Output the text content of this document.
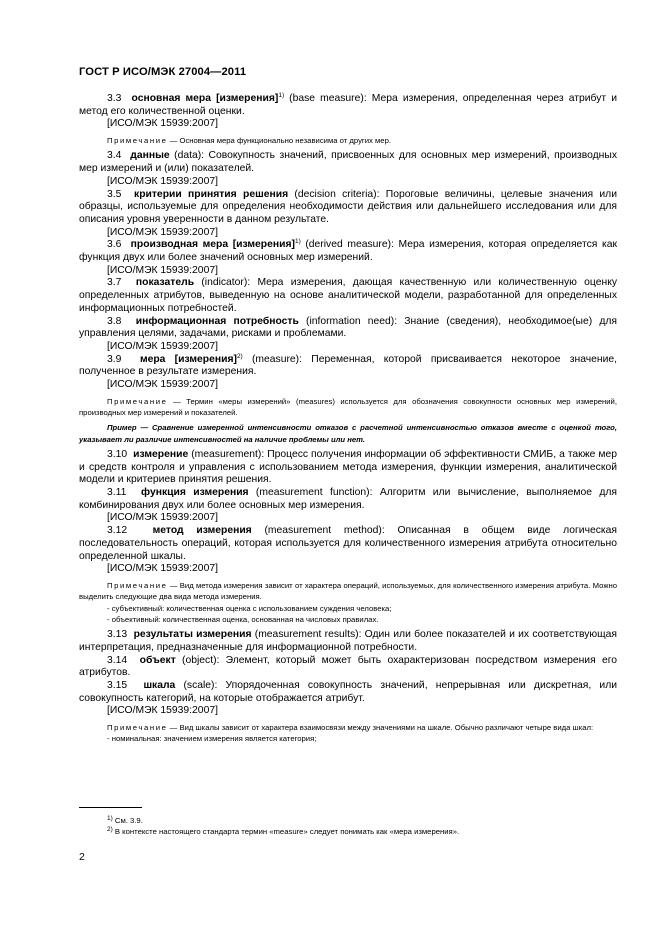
ГОСТ Р ИСО/МЭК 27004—2011

3.3 основная мера [измерения]$^{1)}$ (base measure): Мера измерения, определенная через атрибут и метод его количественной оценки.

[ИСО/МЭК 15939:2007]

Примечание — Основная мера функционально независима от других мер.

3.4 данные (data): Совокупность значений, присвоенных для основных мер измерений, производных мер измерений и (или) показателей.

[ИСО/МЭК 15939:2007]

3.5 критерии принятия решения (decision criteria): Пороговые величины, целевые значения или образцы, используемые для определения необходимости действия или дальнейшего исследования или для описания уровня уверенности в данном результате.

[ИСО/МЭК 15939:2007]

3.6 производная мера [измерения]$^{1)}$ (derived measure): Мера измерения, которая определяется как функция двух или более значений основных мер измерений.

[ИСО/МЭК 15939:2007]

3.7 показатель (indicator): Мера измерения, дающая качественную или количественную оценку определенных атрибутов, выведенную на основе аналитической модели, разработанной для определенных информационных потребностей.

3.8 информационная потребность (information need): Знание (сведения), необходимое(ые) для управления целями, задачами, рисками и проблемами.

[ИСО/МЭК 15939:2007]

3.9 мера [измерения]$^{2)}$ (measure): Переменная, которой присваивается некоторое значение, полученное в результате измерения.

[ИСО/МЭК 15939:2007]

Примечание — Термин «меры измерений» (measures) используется для обозначения совокупности основных мер измерений, производных мер измерений и показателей.

Пример — Сравнение измеренной интенсивности отказов с расчетной интенсивностью отказов вместе с оценкой того, указывает ли различие интенсивностей на наличие проблемы или нет.

3.10 измерение (measurement): Процесс получения информации об эффективности СМИБ, а также мер и средств контроля и управления с использованием метода измерения, функции измерения, аналитической модели и критериев принятия решения.

3.11 функция измерения (measurement function): Алгоритм или вычисление, выполняемое для комбинирования двух или более основных мер измерения.

[ИСО/МЭК 15939:2007]

3.12 метод измерения (measurement method): Описанная в общем виде логическая последовательность операций, которая используется для количественного измерения атрибута относительно определенной шкалы.

[ИСО/МЭК 15939:2007]

Примечание — Вид метода измерения зависит от характера операций, используемых, для количественного измерения атрибута. Можно выделить следующие два вида метода измерения.

- субъективный: количественная оценка с использованием суждения человека;

- объективный: количественная оценка, основанная на числовых правилах.

3.13 результаты измерения (measurement results): Один или более показателей и их соответствующая интерпретация, предназначенные для информационной потребности.

3.14 объект (object): Элемент, который может быть охарактеризован посредством измерения его атрибутов.

3.15 шкала (scale): Упорядоченная совокупность значений, непрерывная или дискретная, или совокупность категорий, на которые отображается атрибут.

[ИСО/МЭК 15939:2007]

Примечание — Вид шкалы зависит от характера взаимосвязи между значениями на шкале. Обычно различают четыре вида шкал:

- номинальная: значением измерения является категория;

$^{1)}$ См. 3.9.

$^{2)}$ В контексте настоящего стандарта термин «measure» следует понимать как «мера измерения».

2
